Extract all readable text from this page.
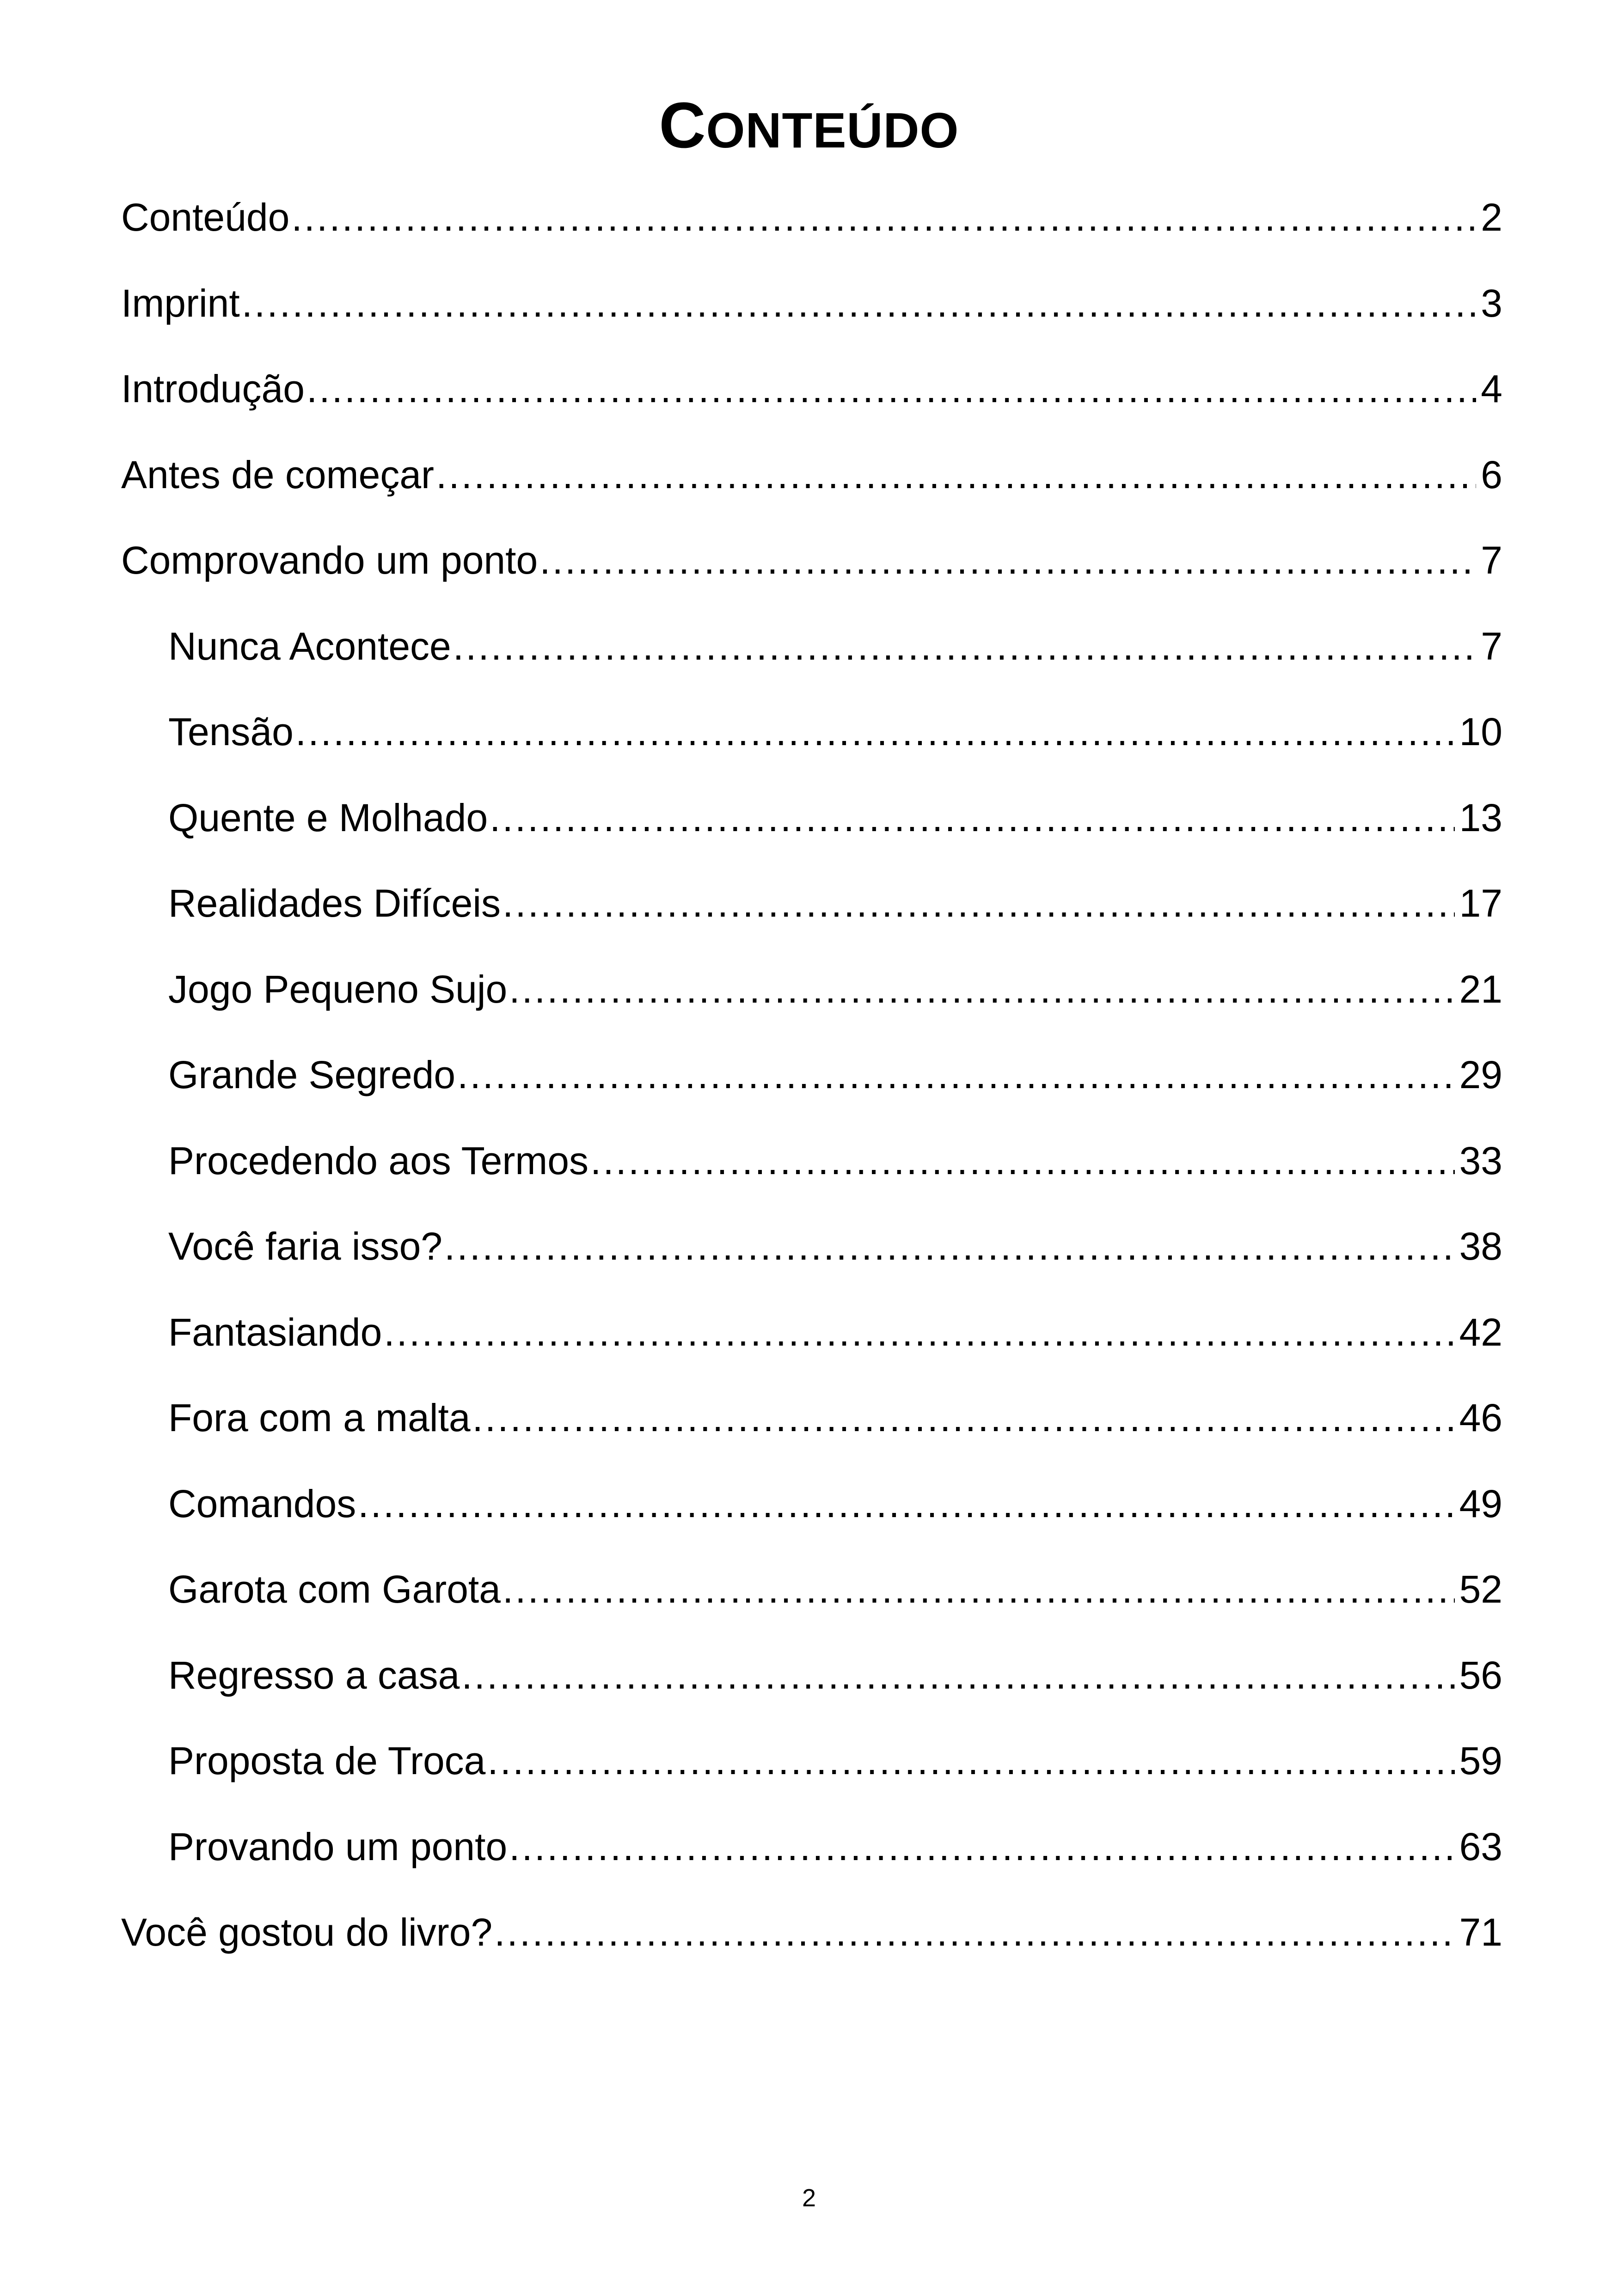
CONTEÚDO
Conteúdo .....	2
Imprint .....	3
Introdução .....	4
Antes de começar .....	6
Comprovando um ponto .....	7
Nunca Acontece .....	7
Tensão .....	10
Quente e Molhado .....	13
Realidades Difíceis .....	17
Jogo Pequeno Sujo .....	21
Grande Segredo .....	29
Procedendo aos Termos .....	33
Você faria isso? .....	38
Fantasiando .....	42
Fora com a malta .....	46
Comandos .....	49
Garota com Garota .....	52
Regresso a casa .....	56
Proposta de Troca .....	59
Provando um ponto .....	63
Você gostou do livro? .....	71
2
